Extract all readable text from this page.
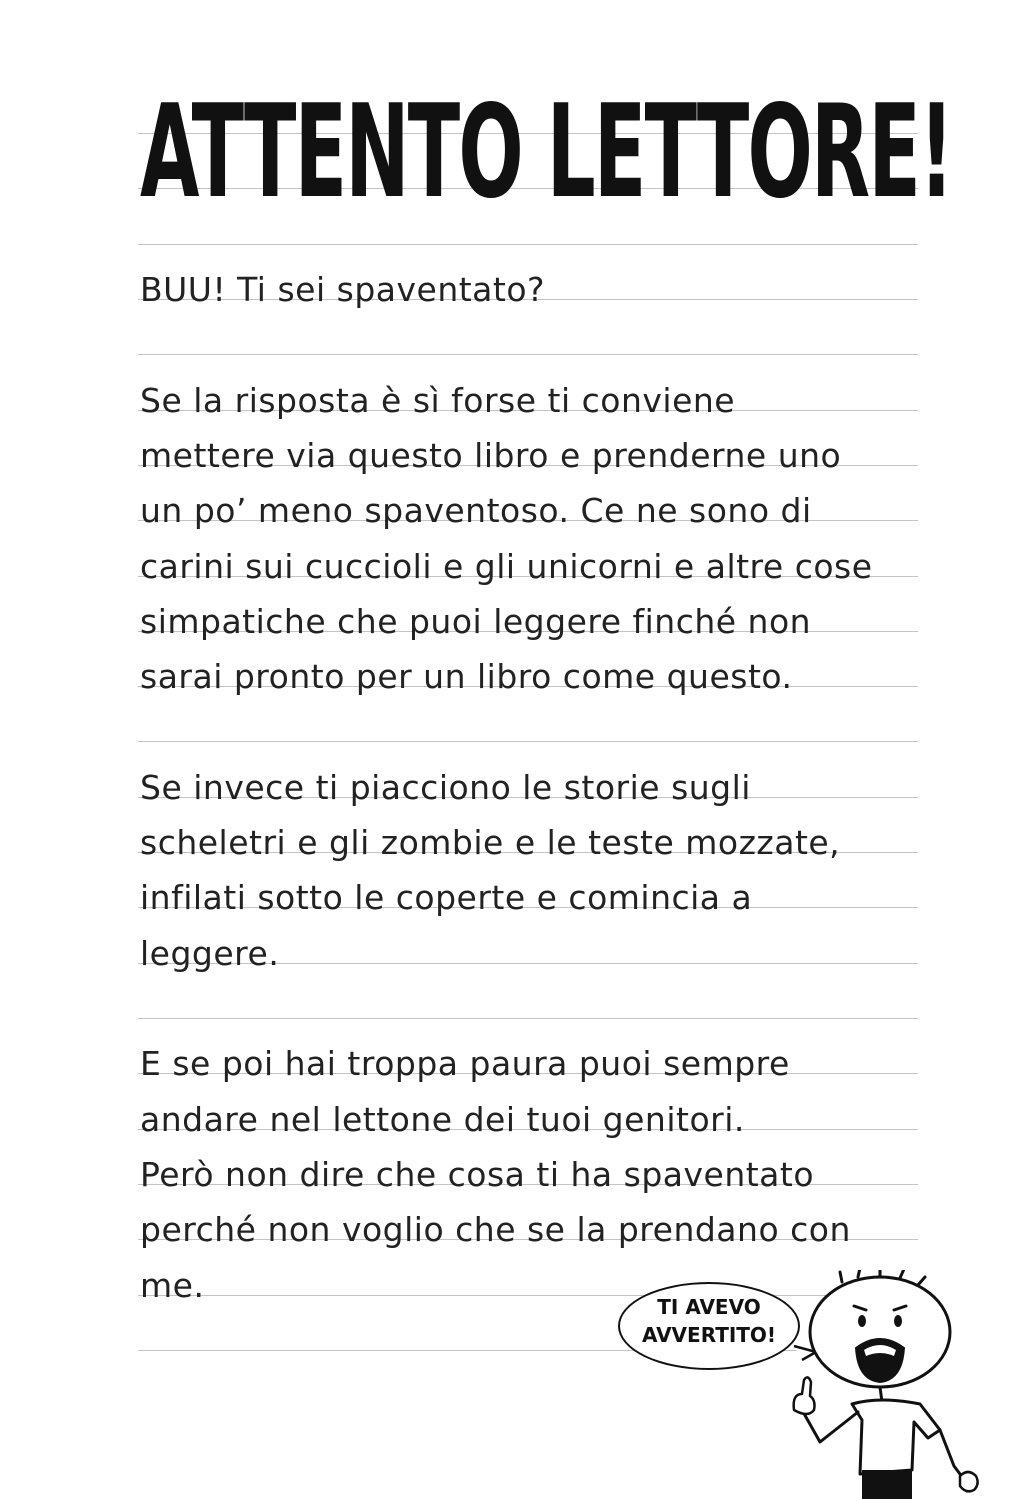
ATTENTO LETTORE!
BUU! Ti sei spaventato?
Se la risposta è sì forse ti conviene
mettere via questo libro e prenderne uno
un po’ meno spaventoso. Ce ne sono di
carini sui cuccioli e gli unicorni e altre cose
simpatiche che puoi leggere finché non
sarai pronto per un libro come questo.
Se invece ti piacciono le storie sugli
scheletri e gli zombie e le teste mozzate,
infilati sotto le coperte e comincia a
leggere.
E se poi hai troppa paura puoi sempre
andare nel lettone dei tuoi genitori.
Però non dire che cosa ti ha spaventato
perché non voglio che se la prendano con
me.
TI AVEVO
AVVERTITO!
